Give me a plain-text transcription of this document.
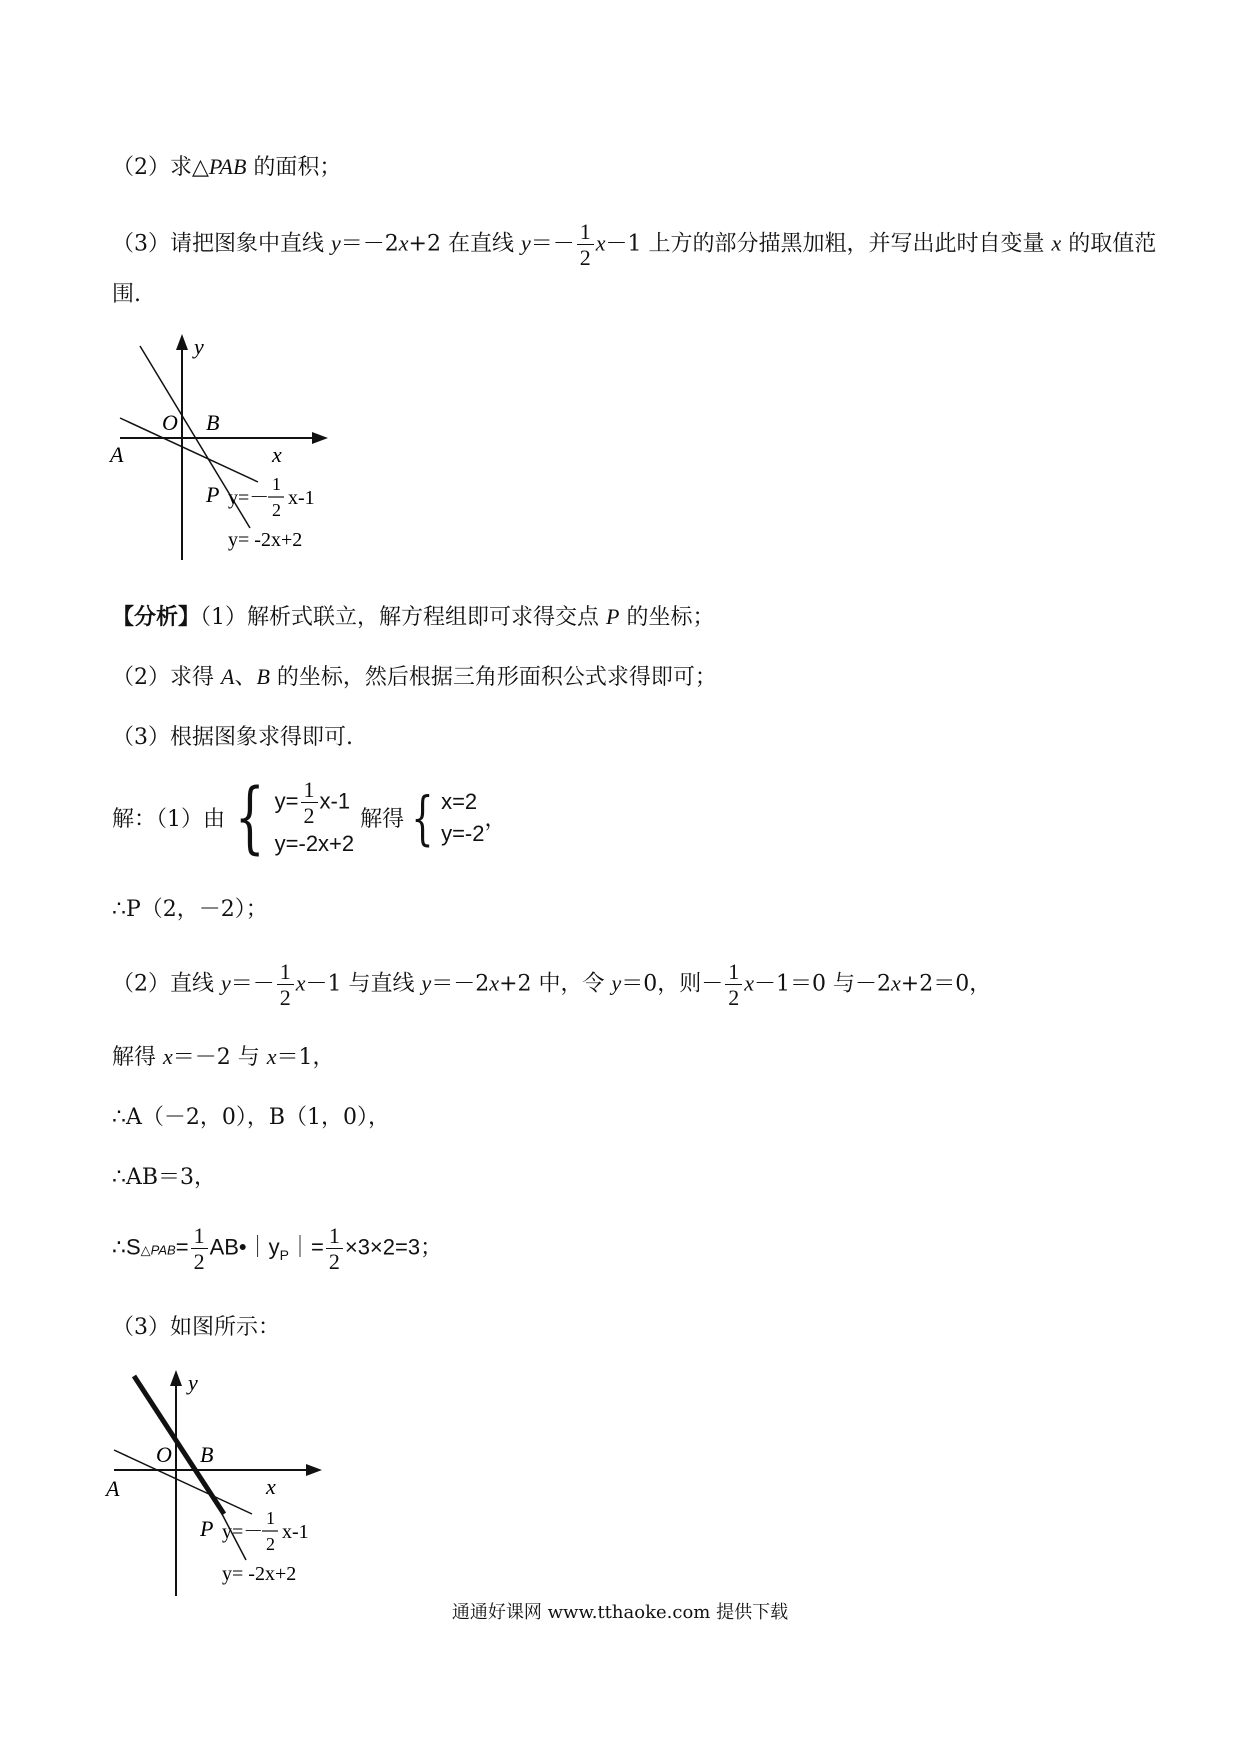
（2）求△PAB 的面积；
（3）请把图象中直线 y＝－2x+2 在直线 $y=- \frac{1}{2} x-1$ 上方的部分描黑加粗，并写出此时自变量 x 的取值范
围.
y
x
O B
A
P y=－
1
2
x-1
y= -2x+2
【分析】（1）解析式联立，解方程组即可求得交点 P 的坐标；
（2）求得 A、B 的坐标，然后根据三角形面积公式求得即可；
（3）根据图象求得即可.
解：（1）由 { $y= \frac{1}{2} x-1$
y=-2x+2
解得 { x=2
y=-2
，
∴P（2，－2）；
（2）直线 $y=- \frac{1}{2} x-1$ 与直线 y＝－2x+2 中，令 y＝0，则－ $\frac{1}{2} x-1=0$ 与－2x+2＝0，
解得 x＝－2 与 x＝1，
∴A（－2，0），B（1，0），
∴AB＝3，
∴S△PAB= $\frac{1}{2}$ $AB•|y_P|= \frac{1}{2} \times 3\times 2=3$；
（3）如图所示：
y
x
O B
A
P y=－
1
2
x-1
y= -2x+2
通通好课网 www.tthaoke.com 提供下载
